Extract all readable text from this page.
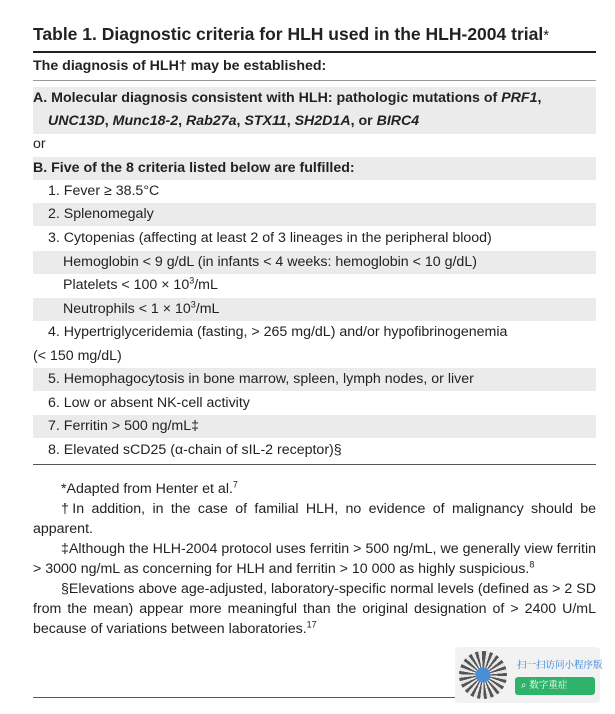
Table 1. Diagnostic criteria for HLH used in the HLH-2004 trial*
The diagnosis of HLH† may be established:
A. Molecular diagnosis consistent with HLH: pathologic mutations of PRF1,
UNC13D, Munc18-2, Rab27a, STX11, SH2D1A, or BIRC4
or
B. Five of the 8 criteria listed below are fulfilled:
1. Fever ≥ 38.5°C
2. Splenomegaly
3. Cytopenias (affecting at least 2 of 3 lineages in the peripheral blood)
Hemoglobin < 9 g/dL (in infants < 4 weeks: hemoglobin < 10 g/dL)
Platelets < $100 \times 10^3/mL$
Neutrophils < $1 \times 10^3/mL$
4. Hypertriglyceridemia (fasting, > 265 mg/dL) and/or hypofibrinogenemia
(< 150 mg/dL)
5. Hemophagocytosis in bone marrow, spleen, lymph nodes, or liver
6. Low or absent NK-cell activity
7. Ferritin > 500 ng/mL‡
8. Elevated sCD25 (α-chain of sIL-2 receptor)§

*Adapted from Henter et al.$^7$

†In addition, in the case of familial HLH, no evidence of malignancy should be apparent.

‡Although the HLH-2004 protocol uses ferritin > 500 ng/mL, we generally view ferritin > 3000 ng/mL as concerning for HLH and ferritin > 10 000 as highly suspicious.$^8$

§Elevations above age-adjusted, laboratory-specific normal levels (defined as > 2 SD from the mean) appear more meaningful than the original designation of > 2400 U/mL because of variations between laboratories.$^{17}$

扫一扫访问小程序版
⌕ 数字重症
